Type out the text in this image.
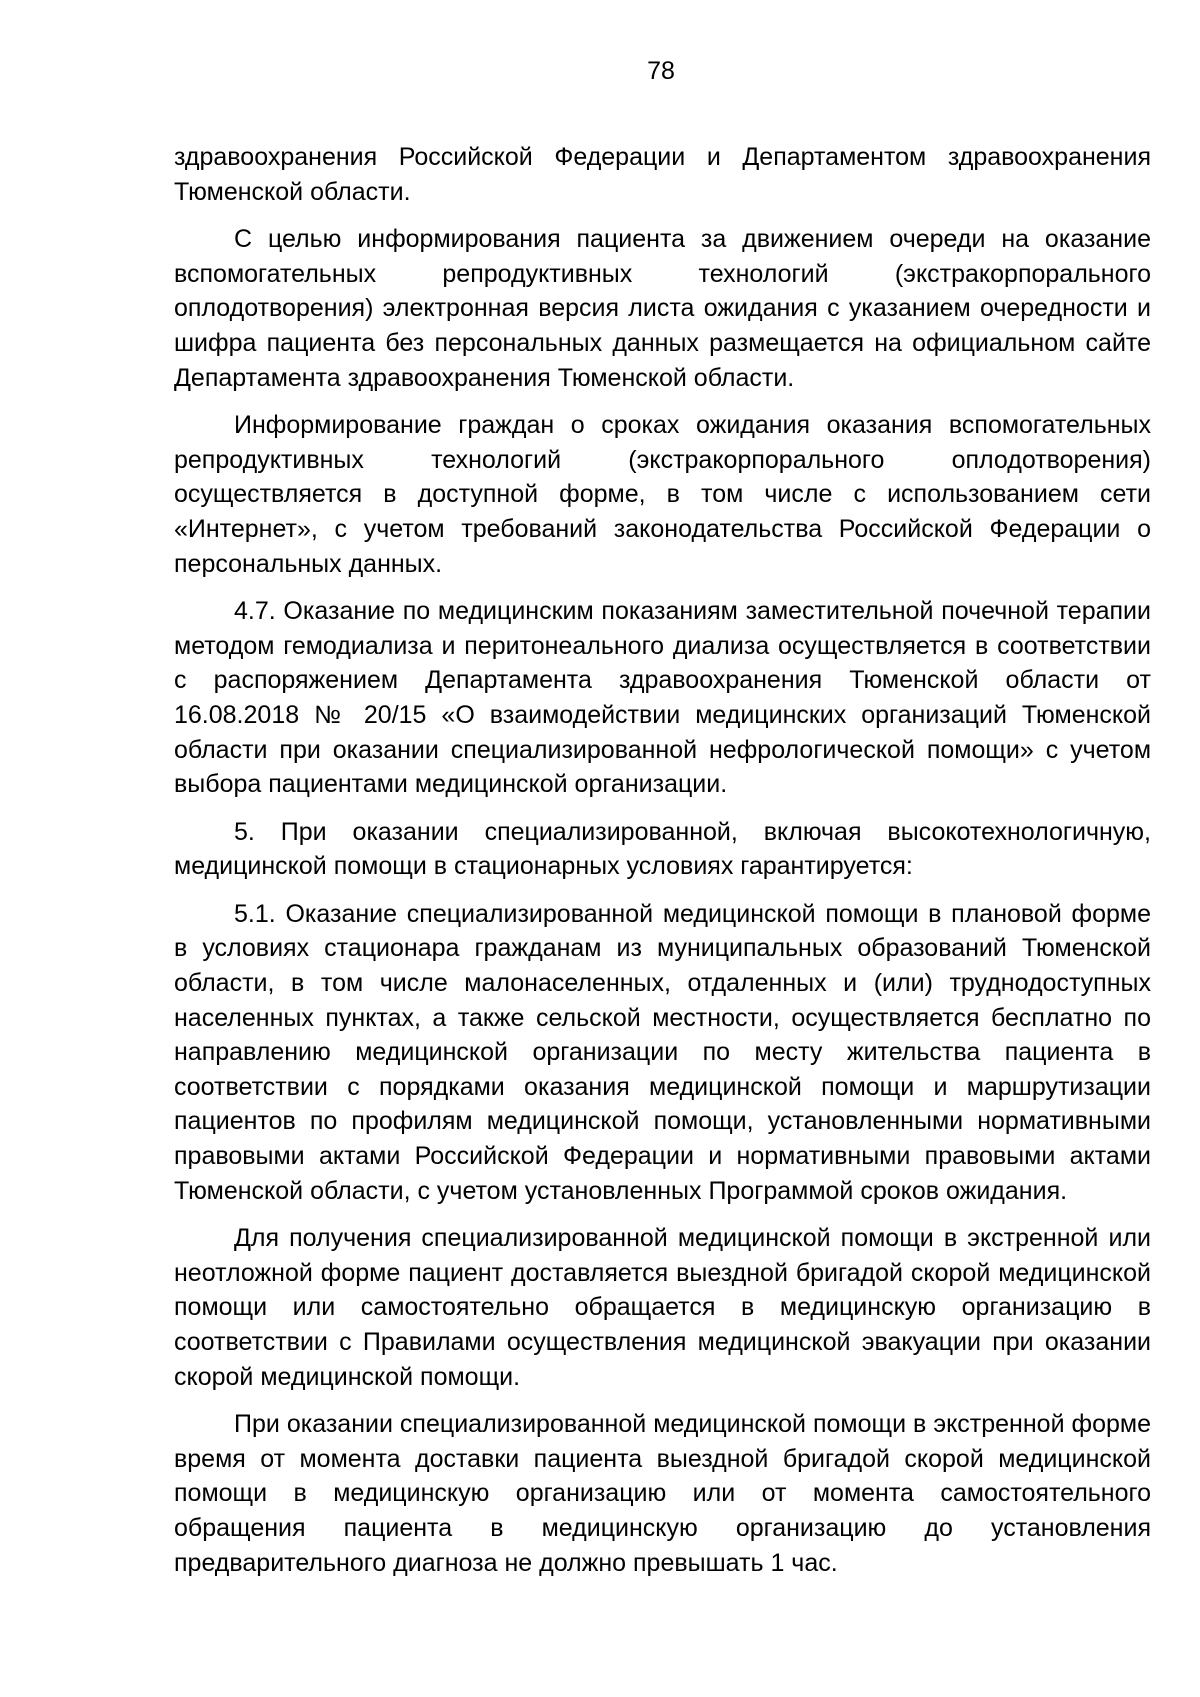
78

здравоохранения Российской Федерации и Департаментом здравоохранения Тюменской области.

С целью информирования пациента за движением очереди на оказание вспомогательных репродуктивных технологий (экстракорпорального оплодотворения) электронная версия листа ожидания с указанием очередности и шифра пациента без персональных данных размещается на официальном сайте Департамента здравоохранения Тюменской области.

Информирование граждан о сроках ожидания оказания вспомогательных репродуктивных технологий (экстракорпорального оплодотворения) осуществляется в доступной форме, в том числе с использованием сети «Интернет», с учетом требований законодательства Российской Федерации о персональных данных.

4.7. Оказание по медицинским показаниям заместительной почечной терапии методом гемодиализа и перитонеального диализа осуществляется в соответствии с распоряжением Департамента здравоохранения Тюменской области от 16.08.2018 № 20/15 «О взаимодействии медицинских организаций Тюменской области при оказании специализированной нефрологической помощи» с учетом выбора пациентами медицинской организации.

5. При оказании специализированной, включая высокотехнологичную, медицинской помощи в стационарных условиях гарантируется:

5.1. Оказание специализированной медицинской помощи в плановой форме в условиях стационара гражданам из муниципальных образований Тюменской области, в том числе малонаселенных, отдаленных и (или) труднодоступных населенных пунктах, а также сельской местности, осуществляется бесплатно по направлению медицинской организации по месту жительства пациента в соответствии с порядками оказания медицинской помощи и маршрутизации пациентов по профилям медицинской помощи, установленными нормативными правовыми актами Российской Федерации и нормативными правовыми актами Тюменской области, с учетом установленных Программой сроков ожидания.

Для получения специализированной медицинской помощи в экстренной или неотложной форме пациент доставляется выездной бригадой скорой медицинской помощи или самостоятельно обращается в медицинскую организацию в соответствии с Правилами осуществления медицинской эвакуации при оказании скорой медицинской помощи.

При оказании специализированной медицинской помощи в экстренной форме время от момента доставки пациента выездной бригадой скорой медицинской помощи в медицинскую организацию или от момента самостоятельного обращения пациента в медицинскую организацию до установления предварительного диагноза не должно превышать 1 час.
